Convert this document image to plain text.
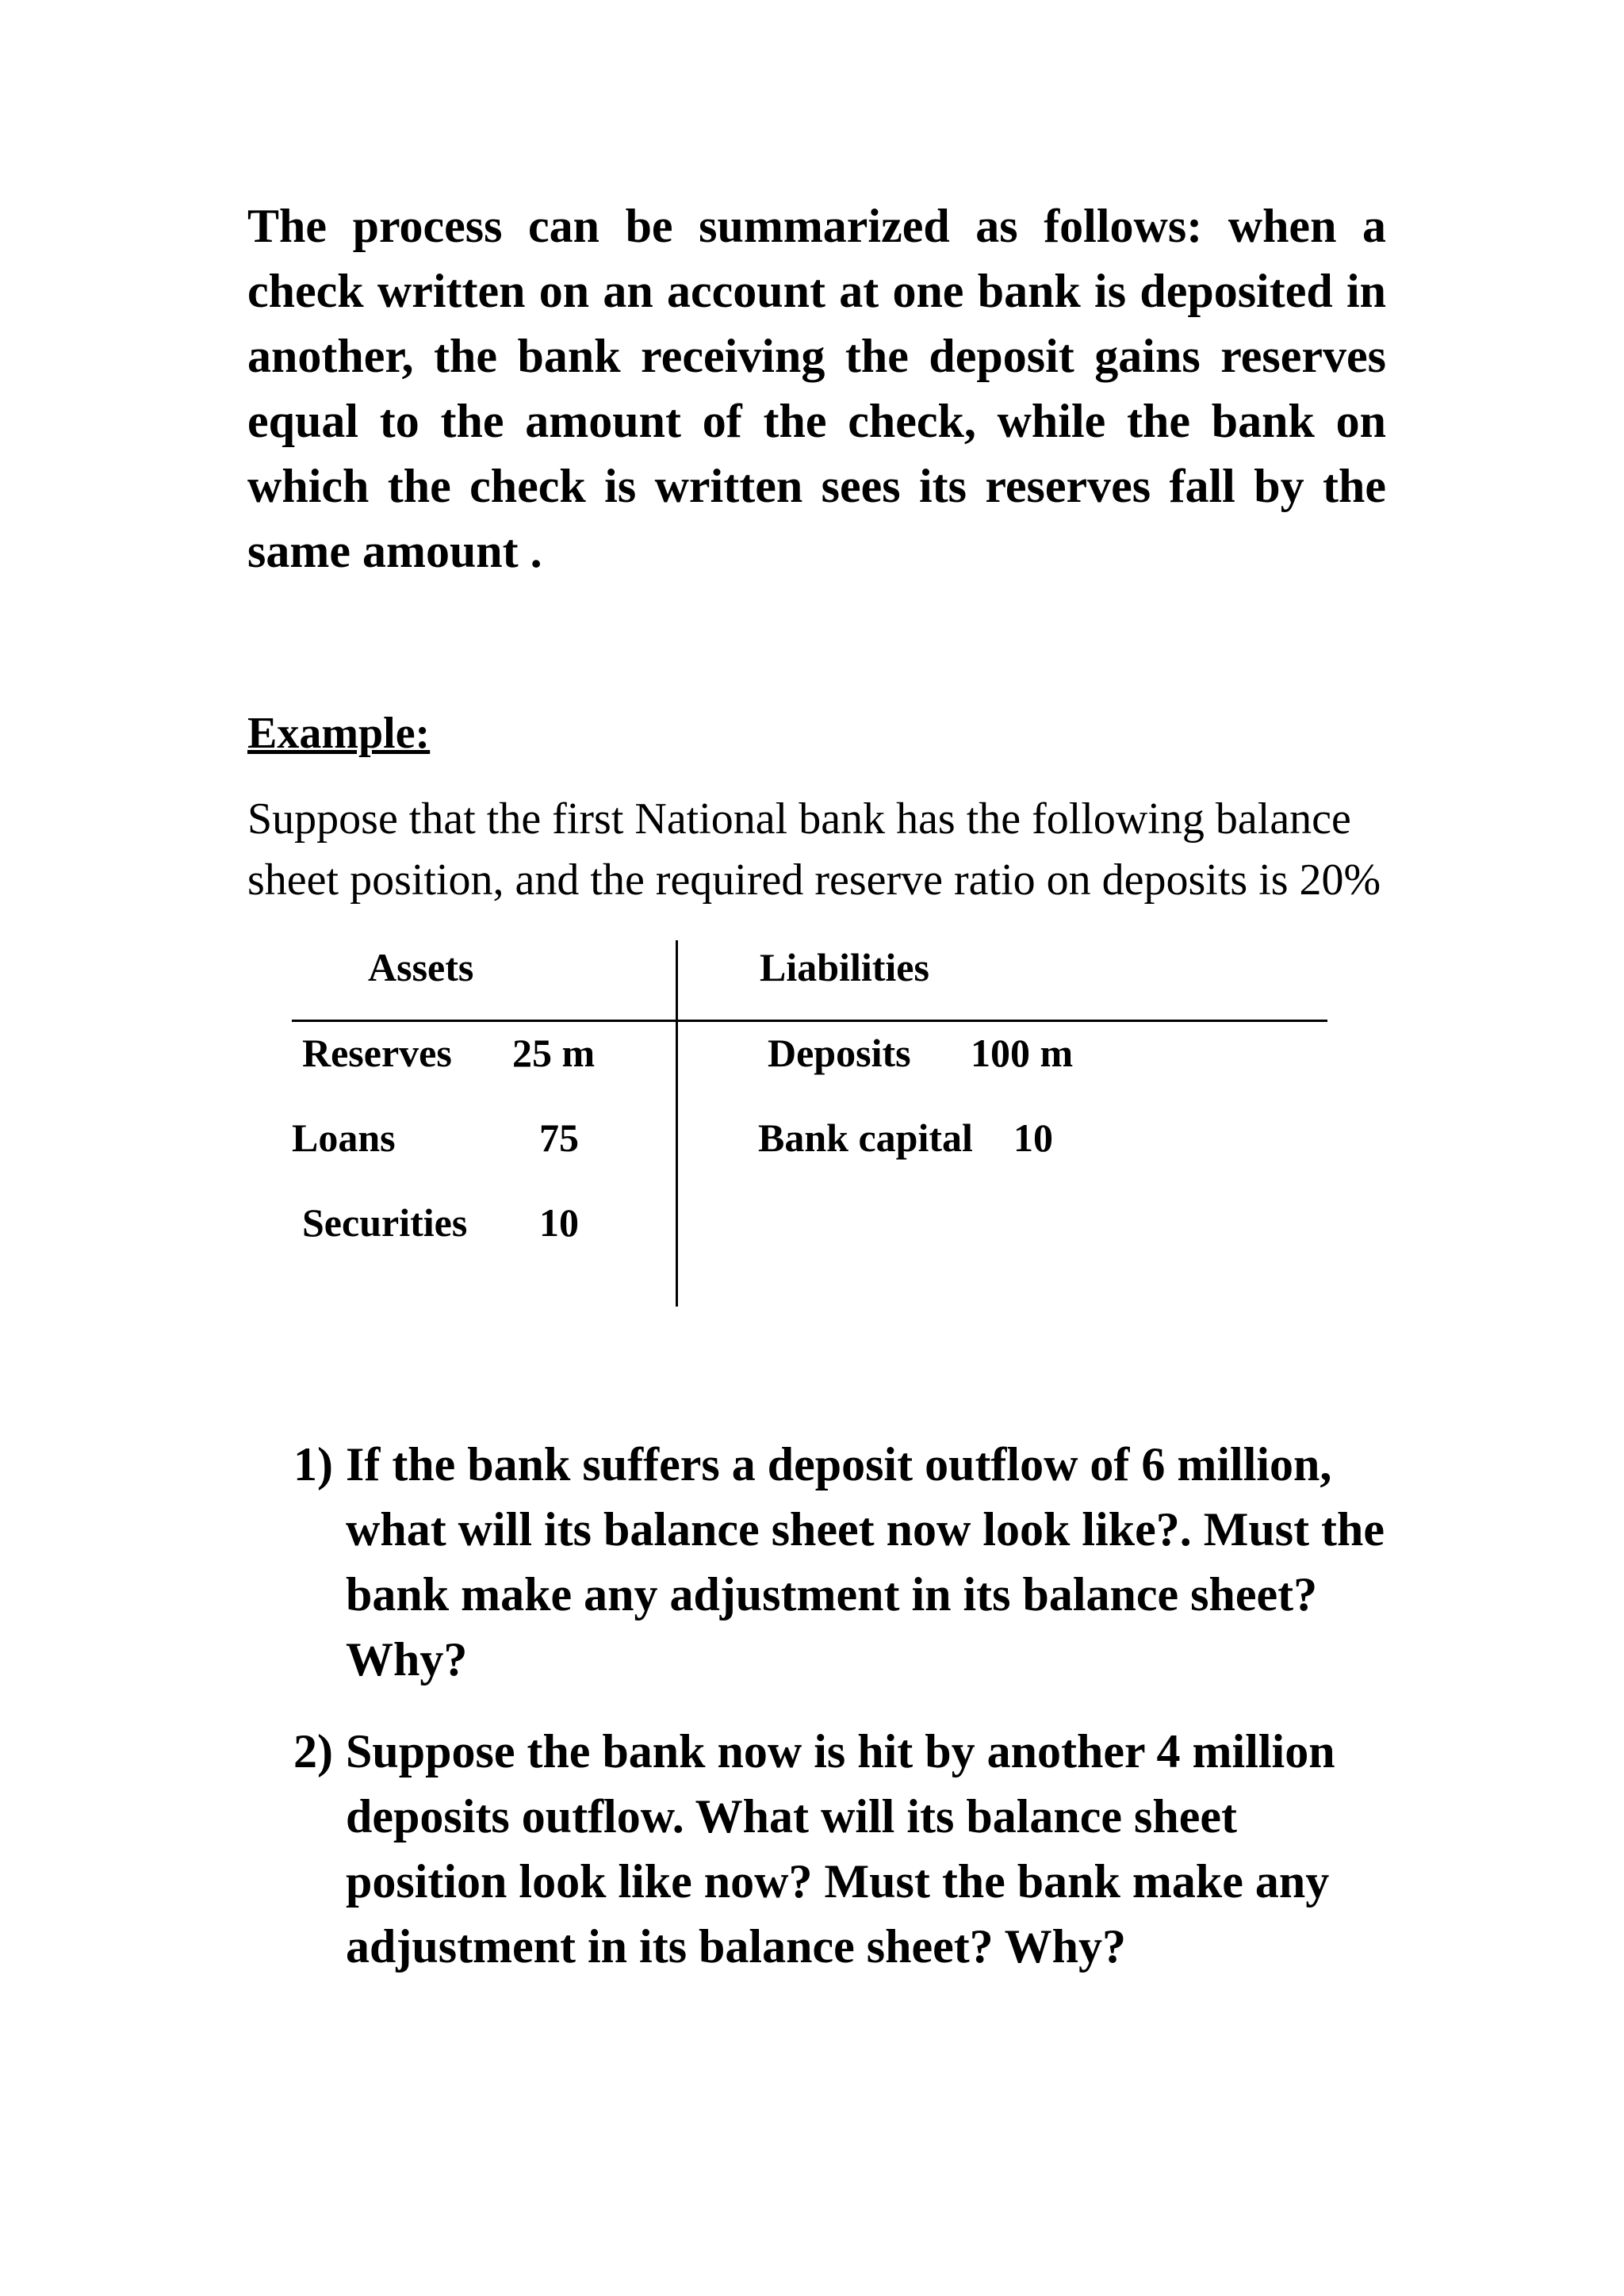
The process can be summarized as follows: when a check written on an account at one bank is deposited in another, the bank receiving the deposit gains reserves equal to the amount of the check, while the bank on which the check is written sees its reserves fall by the same amount .

Example:

Suppose that the first National bank has the following balance sheet position, and the required reserve ratio on deposits is 20%

Assets	Liabilities
Reserves 25 m
Loans	75
Securities 10
Deposits 100 m
Bank capital 10
1) If the bank suffers a deposit outflow of 6 million, what will its balance sheet now look like?. Must the bank make any adjustment in its balance sheet? Why?
2) Suppose the bank now is hit by another 4 million deposits outflow. What will its balance sheet position look like now? Must the bank make any adjustment in its balance sheet? Why?
